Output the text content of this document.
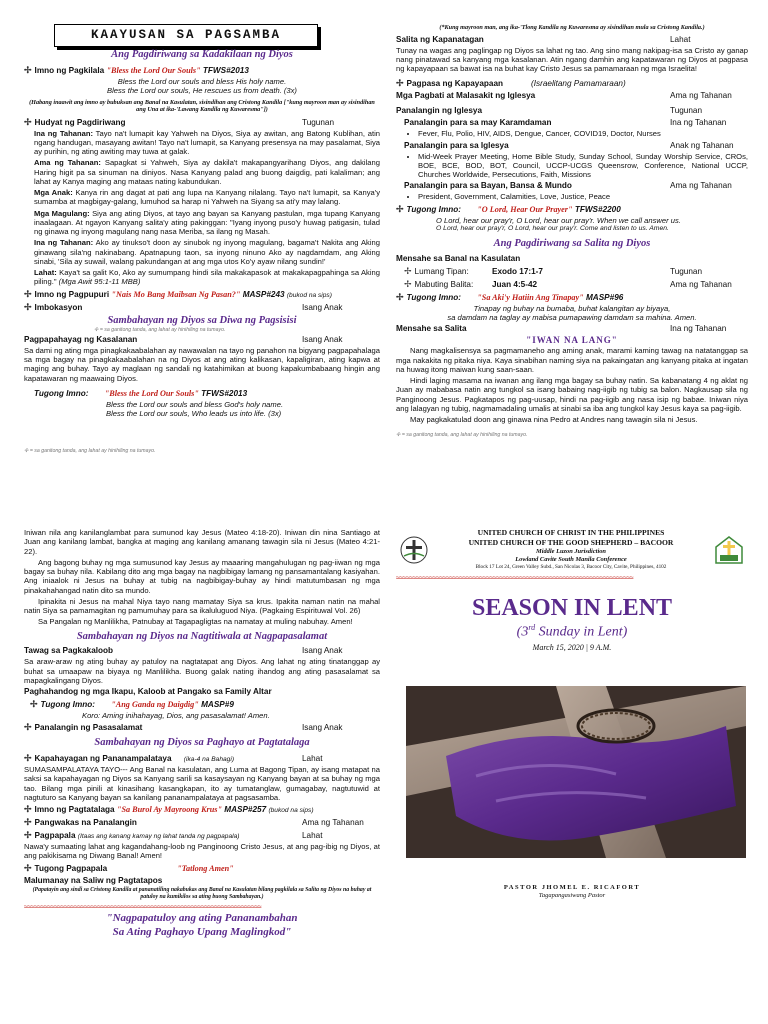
KAAYUSAN SA PAGSAMBA
Ang Pagdiriwang sa Kadakilaan ng Diyos
✢ Imno ng Pagkilala "Bless the Lord Our Souls" TFWS#2013
Bless the Lord our souls and bless His holy name.
Bless the Lord our souls, He rescues us from death. (3x)
(Habang inaawit ang imno ay bubuksan ang Banal na Kasulatan, sisindihan ang Cristong Kandila ["kung mayroon man ay sisindihan ang Una at ika-'Lawang Kandila ng Kuwaresma"])
✢ Hudyat ng Pagdiriwang	Tugunan

Ina ng Tahanan: Tayo na't lumapit kay Yahweh na Diyos, Siya ay awitan, ang Batong Kublihan, atin ngang handugan, masayang awitan! Tayo na't lumapit, sa Kanyang presensya na may pasalamat, Siya ay purihin, ng ating awiting may tuwa at galak.

Ama ng Tahanan: Sapagkat si Yahweh, Siya ay dakila't makapangyarihang Diyos, ang dakilang Haring higit pa sa sinuman na diniyos. Nasa Kanyang palad ang buong daigdig, pati kalaliman; ang lahat ay Kanya maging ang mataas nating kabundukan.

Mga Anak: Kanya rin ang dagat at pati ang lupa na Kanyang nilalang. Tayo na't lumapit, sa Kanya'y sumamba at magbigay-galang, lumuhod sa harap ni Yahweh na Siyang sa ati'y may lalang.

Mga Magulang: Siya ang ating Diyos, at tayo ang bayan sa Kanyang pastulan, mga tupang Kanyang inaalagaan. At ngayon Kanyang salita'y ating pakinggan: "Iyang inyong puso'y huwag patigasin, tulad ng ginawa ng inyong magulang nang nasa Meriba, sa ilang ng Masah.

Ina ng Tahanan: Ako ay tinukso't doon ay sinubok ng inyong magulang, bagama't Nakita ang Aking ginawang sila'ng nakinabang. Apatnapung taon, sa inyong ninuno Ako ay nagdamdam, ang Aking sinabi, 'Sila ay suwail, walang pakundangan at ang mga utos Ko'y ayaw nilang sundin!'

Lahat: Kaya't sa galit Ko, Ako ay sumumpang hindi sila makakapasok at makakapagpahinga sa Aking piling." (Mga Awit 95:1-11 MBB)

✢ Imno ng Pagpupuri "Nais Mo Bang Maibsan Ng Pasan?" MASP#243 (bukod na sips)
✢ Imbokasyon	Isang Anak
Sambahayan ng Diyos sa Diwa ng Pagsisisi
✢ = sa ganitong tanda, ang lahat ay hinihiling na tumayo.
Pagpapahayag ng Kasalanan	Isang Anak

Sa dami ng ating mga pinagkakaabalahan ay nawawalan na tayo ng panahon na bigyang pagpapahalaga sa mga bagay na pinagkakaabalahan na ng Diyos at ang ating kalikasan, kapaligiran, ating kapwa at maging ang buhay. Tayo ay maglaan ng sandali ng katahimikan at buong kapakumbabaang hingin ang kapatawaran ng maawaing Diyos.

Tugong Imno: "Bless the Lord Our Souls" TFWS#2013
Bless the Lord our souls and bless God's holy name.
Bless the Lord our souls, Who leads us into life. (3x)
✢ = sa ganitong tanda, ang lahat ay hinihiling na tumayo.
(*Kung mayroon man, ang ika-'Tlong Kandila ng Kuwaresma ay sisindihan mula sa Cristong Kandila.)
Salita ng Kapanatagan	Lahat

Tunay na wagas ang paglingap ng Diyos sa lahat ng tao. Ang sino mang nakipag-isa sa Cristo ay ganap nang pinatawad sa kanyang mga kasalanan. Atin ngang damhin ang kapatawaran ng Diyos at pagpasa ng kapayapaan sa bawat isa na buhat kay Cristo Jesus sa pamamaraan ng mga Israelita!

✢ Pagpasa ng Kapayapaan	(Israelitang Pamamaraan)
Mga Pagbati at Malasakit ng Iglesya	Ama ng Tahanan
Panalangin ng Iglesya	Tugunan
Panalangin para sa may Karamdaman	Ina ng Tahanan
• Fever, Flu, Polio, HIV, AIDS, Dengue, Cancer, COVID19, Doctor, Nurses
Panalangin para sa Iglesya	Anak ng Tahanan
• Mid-Week Prayer Meeting, Home Bible Study, Sunday School, Sunday Worship Service, CROs, BOE, BCE, BOD, BOT, Council, UCCP-UCGS Queensrow, Conference, National UCCP, Churches Worldwide, Persecutions, Faith, Missions
Panalangin para sa Bayan, Bansa & Mundo	Ama ng Tahanan
• President, Government, Calamities, Love, Justice, Peace
✢ Tugong Imno: "O Lord, Hear Our Prayer" TFWS#2200
O Lord, hear our pray'r, O Lord, hear our pray'r. When we call answer us.
O Lord, hear our pray'r, O Lord, hear our pray'r. Come and listen to us. Amen.
Ang Pagdiriwang sa Salita ng Diyos
Mensahe sa Banal na Kasulatan
✢ Lumang Tipan:	Exodo 17:1-7	Tugunan
✢ Mabuting Balita:	Juan 4:5-42	Ama ng Tahanan
✢ Tugong Imno: "Sa Aki'y Hatiin Ang Tinapay" MASP#96
Tinapay ng buhay na bumaba, buhat kalangitan ay biyaya,
sa damdam na taglay ay mabisa pumapawing damdam sa mahina. Amen.
Mensahe sa Salita	Ina ng Tahanan
"IWAN NA LANG"

Nang magkalisensya sa pagmamaneho ang aming anak, marami kaming tawag na natatanggap sa mga nakakita ng pitaka niya. Kaya sinabihan naming siya na pakaingatan ang kanyang pitaka at ingatan na huwag itong maiwan kung saan-saan.

Hindi laging masama na iwanan ang ilang mga bagay sa buhay natin. Sa kabanatang 4 ng aklat ng Juan ay mababasa natin ang tungkol sa isang babaing nag-iigib ng tubig sa balon. Nagkausap sila ng Panginoong Jesus. Pagkatapos ng pag-uusap, hindi na pag-iigib ang nasa isip ng babae. Iniwan niya ang lalagyan ng tubig, nagmamadaling umalis at sinabi sa iba ang tungkol kay Jesus kaya sa pag-iigib.

May pagkakatulad doon ang ginawa nina Pedro at Andres nang tawagin sila ni Jesus.

✢ = sa ganitong tanda, ang lahat ay hinihiling na tumayo.

Iniwan nila ang kanilanglambat para sumunod kay Jesus (Mateo 4:18-20). Iniwan din nina Santiago at Juan ang kanilang lambat, bangka at maging ang kanilang amanang tawagin sila ni Jesus (Mateo 4:21-22).

Ang bagong buhay ng mga sumusunod kay Jesus ay maaaring mangahulugan ng pag-iiwan ng mga bagay sa buhay nila. Kabilang dito ang mga bagay na nagbibigay lamang ng pansamantalang kasiyahan. Ang iniaalok ni Jesus na buhay at tubig na nagbibigay-buhay ay hindi matutumbasan ng mga pinakahahangad natin dito sa mundo.

Ipinakita ni Jesus na mahal Niya tayo nang mamatay Siya sa krus. Ipakita naman natin na mahal natin Siya sa pamamagitan ng pamumuhay para sa ikaluluguod Niya. (Pagkaing Espirituwal Vol. 26)

Sa Pangalan ng Manlilikha, Patnubay at Tagapagligtas na namatay at muling nabuhay. Amen!

Sambahayan ng Diyos na Nagtitiwala at Nagpapasalamat
Tawag sa Pagkakaloob	Isang Anak

Sa araw-araw ng ating buhay ay patuloy na nagtatapat ang Diyos. Ang lahat ng ating tinatanggap ay buhat sa umaapaw na biyaya ng Manlilikha. Buong galak nating ihandog ang ating pasasalamat sa mapagkalingang Diyos.

Paghahandog ng mga Ikapu, Kaloob at Pangako sa Family Altar
✢ Tugong Imno: "Ang Ganda ng Daigdig" MASP#9
Koro: Aming inihahayag, Dios, ang pasasalamat! Amen.
✢ Panalangin ng Pasasalamat	Isang Anak
Sambahayan ng Diyos sa Paghayo at Pagtatalaga
✢ Kapahayagan ng Pananampalataya (ika-4 na Bahagi)	Lahat

SUMASAMPALATAYA TAYO--- Ang Banal na kasulatan, ang Luma at Bagong Tipan, ay isang matapat na saksi sa kapahayagan ng Diyos sa Kanyang sarili sa kasaysayan ng Kanyang bayan at sa buhay ng mga tao. Bilang mga pinili at kinasihang kasangkapan, ito ay tumatanglaw, gumagabay, nagtutuwid at nagtuturo sa Kanyang bayan sa kanilang pananampalataya at pagsasamba.

✢ Imno ng Pagtatalaga "Sa Burol Ay Mayroong Krus" MASP#257 (bukod na sips)
✢ Pangwakas na Panalangin	Ama ng Tahanan
✢ Pagpapala (Itaas ang kanang kamay ng lahat tanda ng pagpapala)	Lahat

Nawa'y sumaating lahat ang kagandahang-loob ng Panginoong Cristo Jesus, at ang pag-ibig ng Diyos, at ang pakikisama ng Diwang Banal! Amen!

✢ Tugong Pagpapala	"Tatlong Amen"
Malumanay na Saliw ng Pagtatapos
(Papatayin ang sindi sa Cristong Kandila at pananatiling nakabukas ang Banal na Kasulatan bilang pagkilala sa Salita ng Diyos na buhay at patuloy na kumikilos sa ating buong Sambahayan.)
≈≈≈≈≈≈≈≈≈≈≈≈≈≈≈≈≈≈≈≈≈≈≈≈≈≈≈≈≈≈≈≈≈≈≈≈≈≈≈≈≈≈≈≈≈≈≈≈≈≈≈≈≈≈≈≈≈≈≈≈≈≈≈≈≈≈≈≈≈≈≈
"Nagpapatuloy ang ating Pananambahan
Sa Ating Paghayo Upang Maglingkod"
UNITED CHURCH OF CHRIST IN THE PHILIPPINES
UNITED CHURCH OF THE GOOD SHEPHERD – BACOOR
Middle Luzon Jurisdiction
Lowland Cavite South Manila Conference
Block 17 Lot 24, Green Valley Subd., San Nicolas 3, Bacoor City, Cavite, Philippines, 4102
≈≈≈≈≈≈≈≈≈≈≈≈≈≈≈≈≈≈≈≈≈≈≈≈≈≈≈≈≈≈≈≈≈≈≈≈≈≈≈≈≈≈≈≈≈≈≈≈≈≈≈≈≈≈≈≈≈≈≈≈≈≈≈≈≈≈≈≈≈≈≈
SEASON IN LENT
(3rd Sunday in Lent)
March 15, 2020 | 9 A.M.
PASTOR JHOMEL E. RICAFORT
Tagapangasiwang Pastor
